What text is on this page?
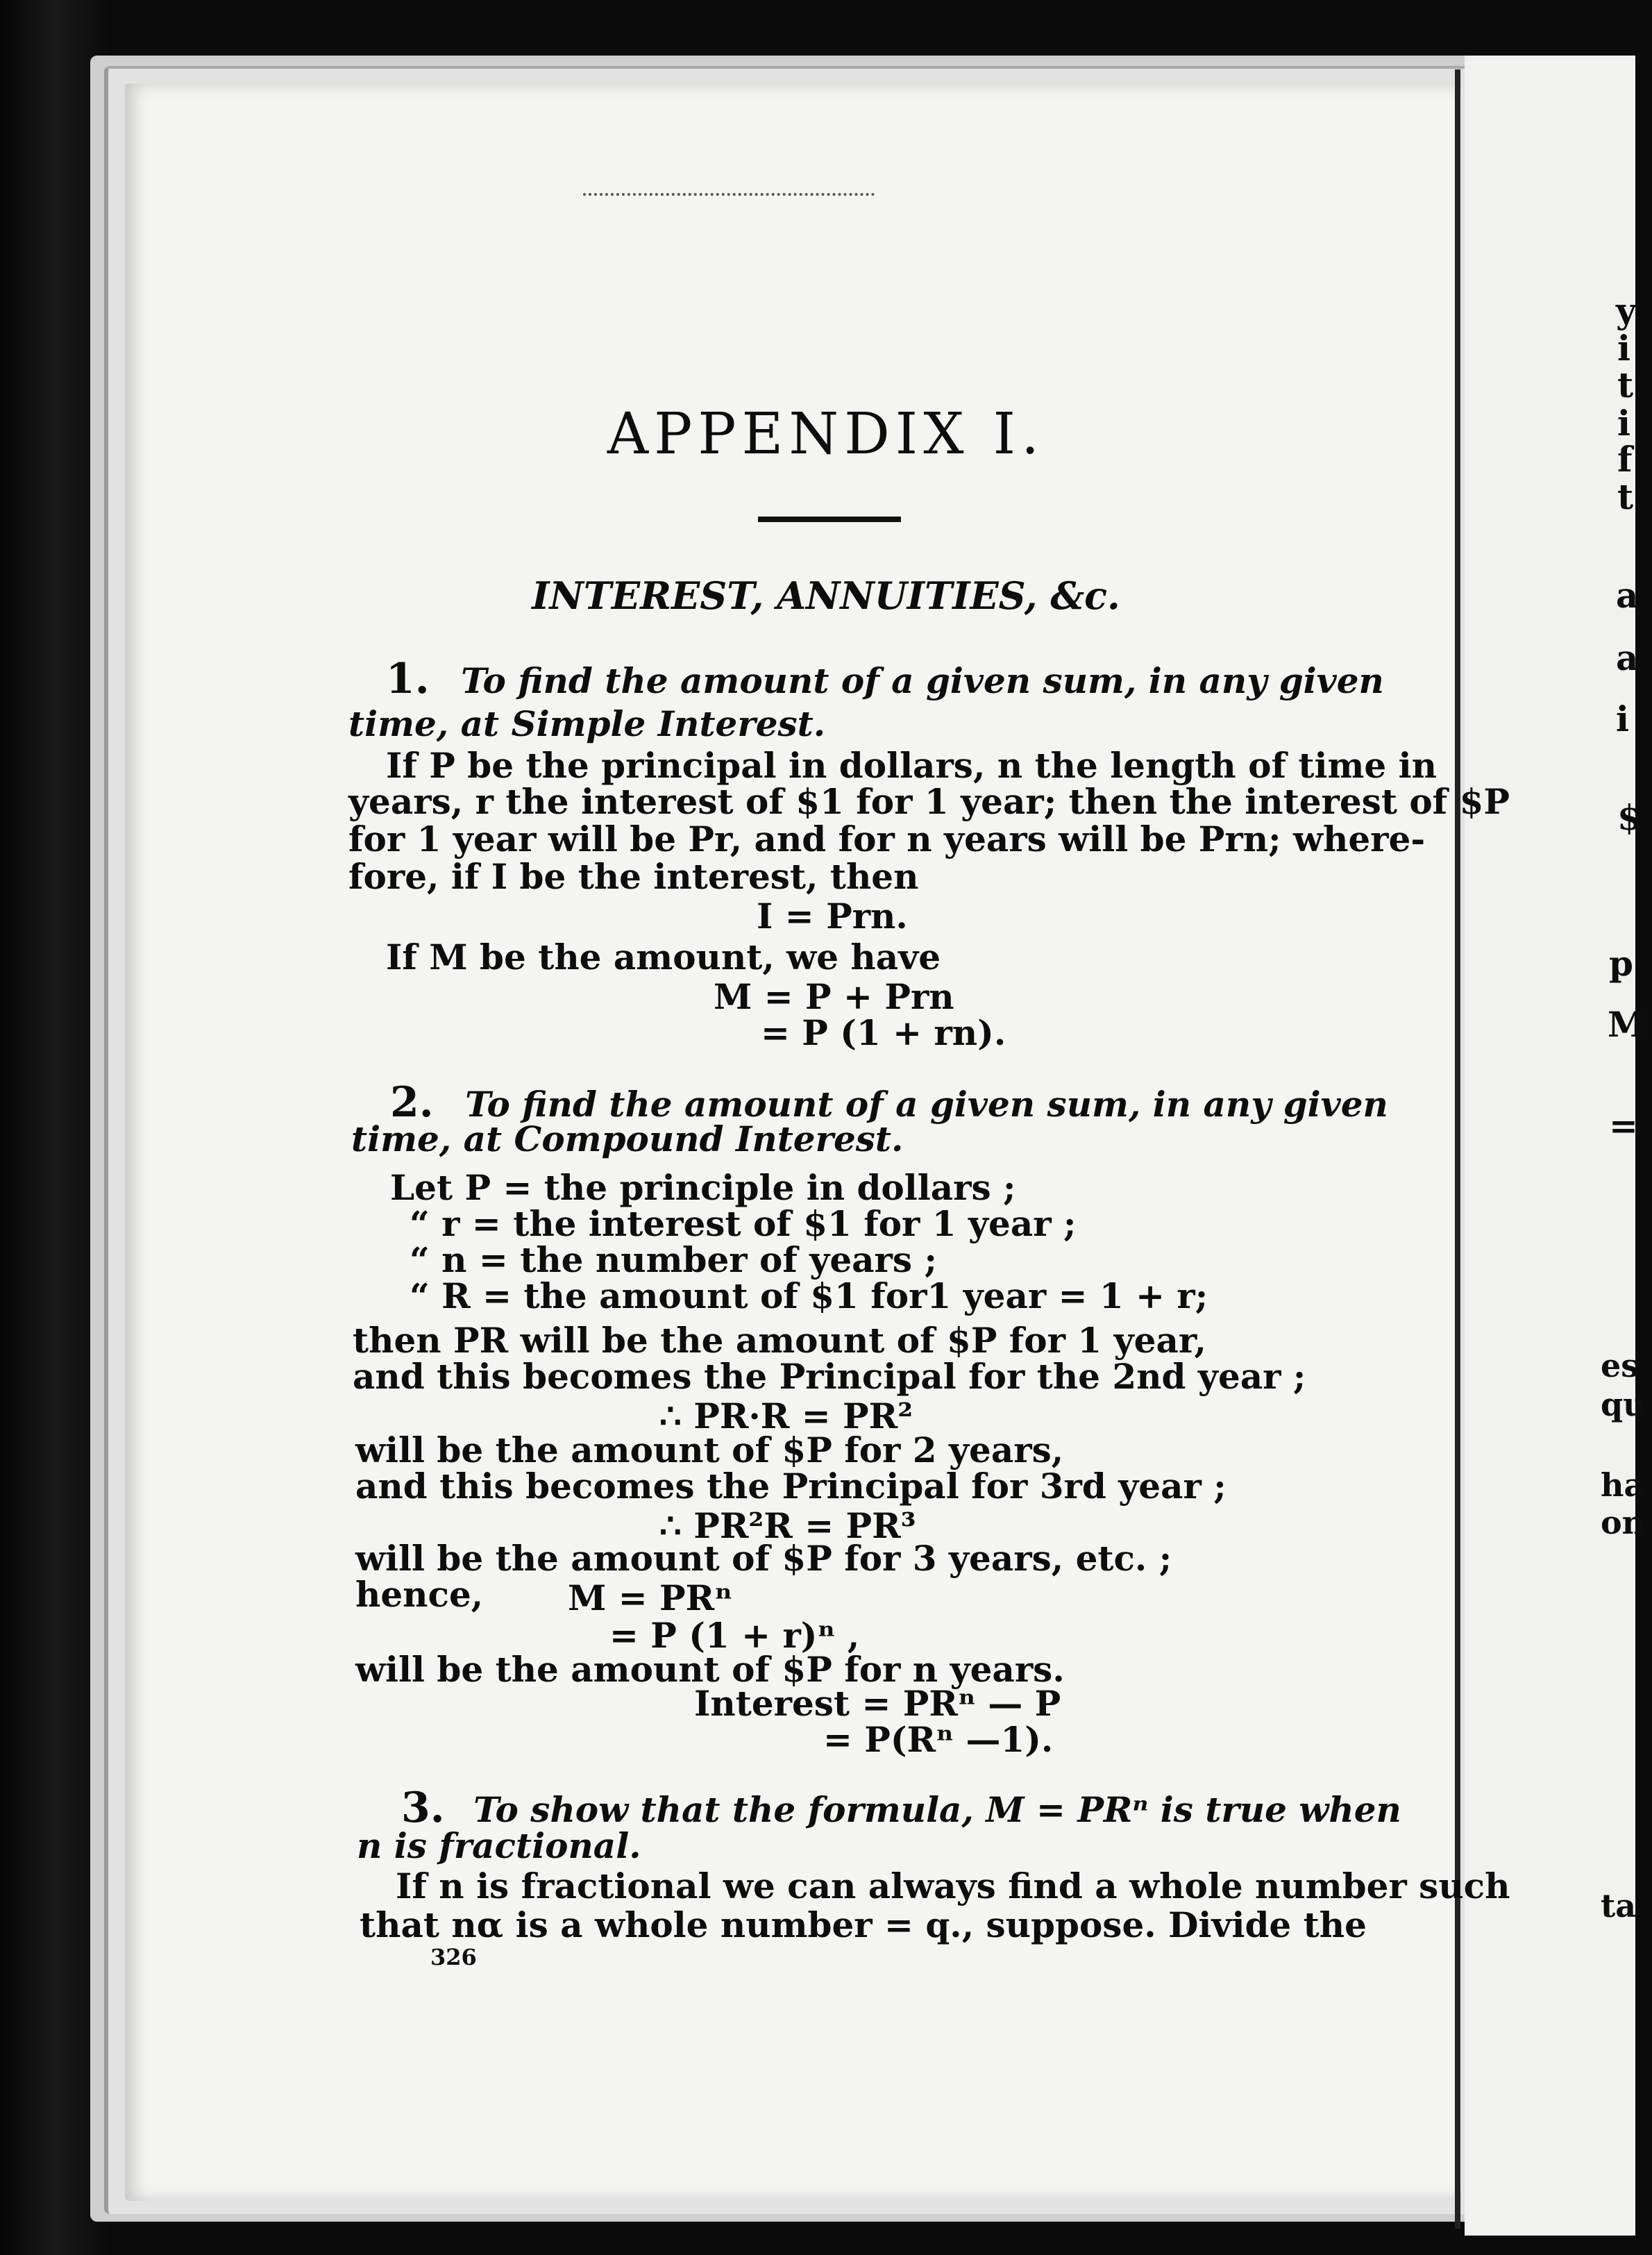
y
i
t
i
f
t
a
a
i
$
p
M
=
es
qu
ha
on
ta
APPENDIX I.
INTEREST, ANNUITIES, &c.
1. To find the amount of a given sum, in any given
time, at Simple Interest.
If P be the principal in dollars, n the length of time in
years, r the interest of $1 for 1 year; then the interest of $P
for 1 year will be Pr, and for n years will be Prn; where-
fore, if I be the interest, then
I = Prn.
If M be the amount, we have
M = P + Prn
= P (1 + rn).
2. To find the amount of a given sum, in any given
time, at Compound Interest.
Let P = the principle in dollars ;
“ r = the interest of $1 for 1 year ;
“ n = the number of years ;
“ R = the amount of $1 for1 year = 1 + r;
then PR will be the amount of $P for 1 year,
and this becomes the Principal for the 2nd year ;
∴ PR·R = PR²
will be the amount of $P for 2 years,
and this becomes the Principal for 3rd year ;
∴ PR²R = PR³
will be the amount of $P for 3 years, etc. ;
hence, M = PRⁿ
= P (1 + r)ⁿ ,
will be the amount of $P for n years.
Interest = PRⁿ — P
= P(Rⁿ —1).
3. To show that the formula, M = PRⁿ is true when
n is fractional.
If n is fractional we can always find a whole number such
that nα is a whole number = q., suppose. Divide the
326
